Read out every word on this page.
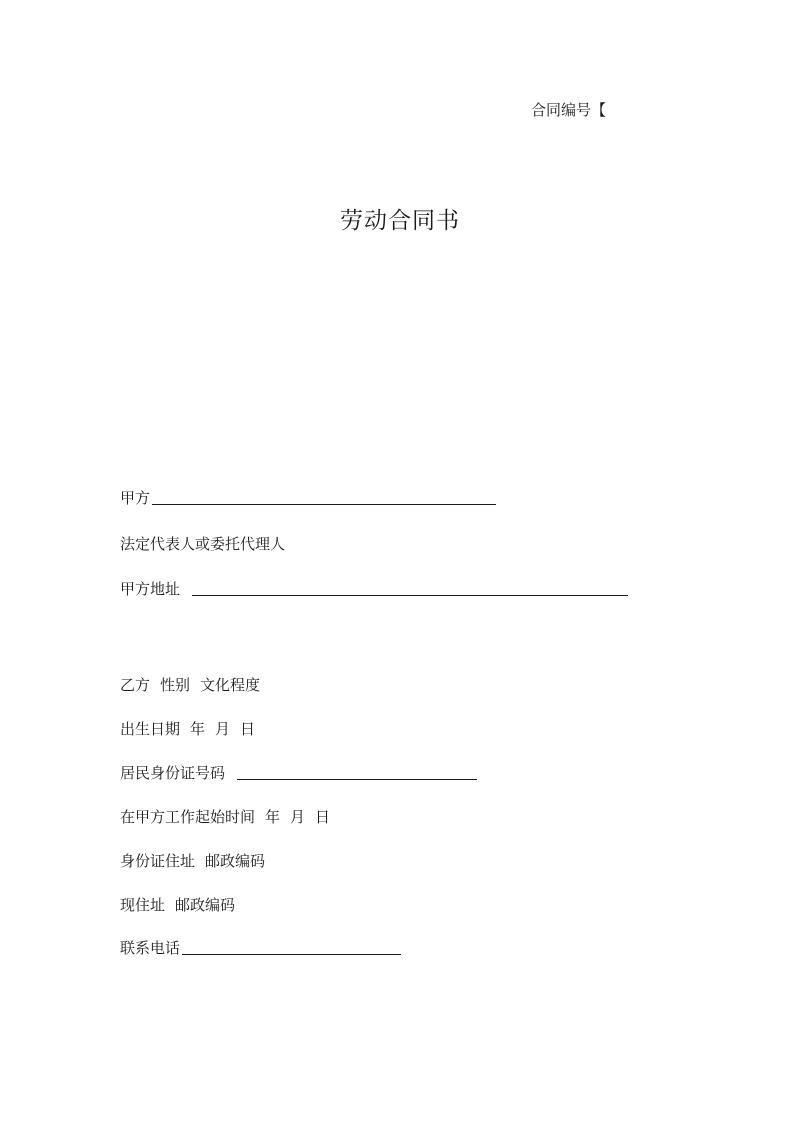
合同编号【
劳动合同书
甲方
法定代表人或委托代理人
甲方地址
乙方 性别 文化程度
出生日期 年 月 日
居民身份证号码
在甲方工作起始时间 年 月 日
身份证住址 邮政编码
现住址 邮政编码
联系电话
